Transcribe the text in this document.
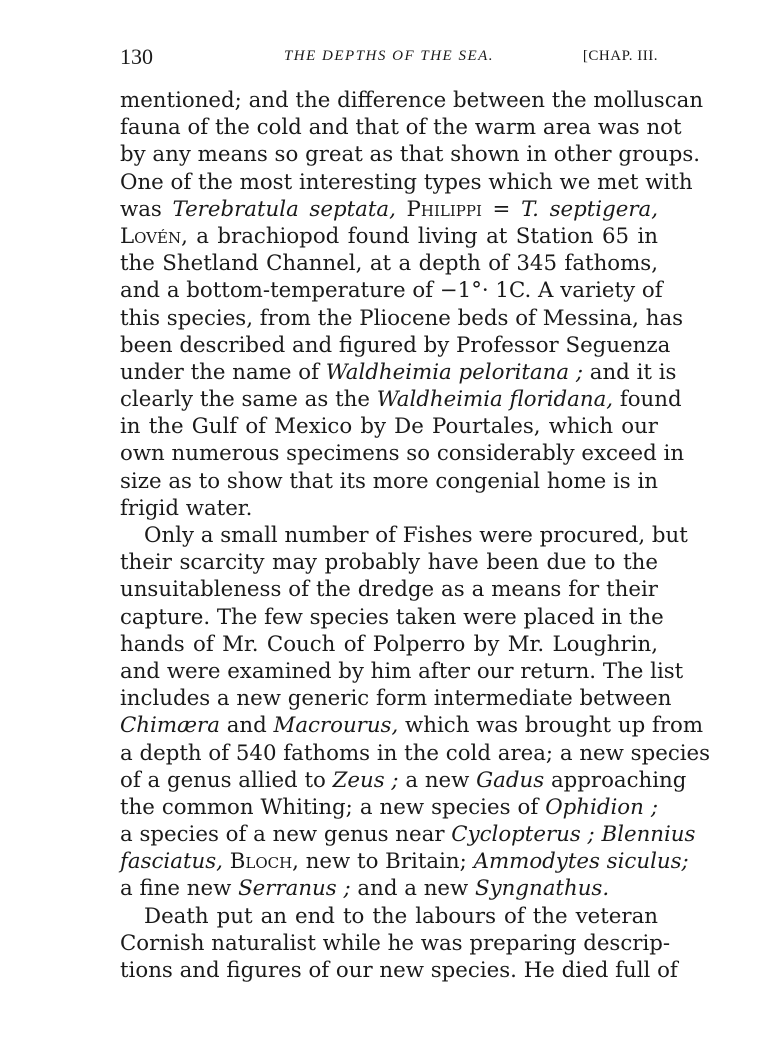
130	THE DEPTHS OF THE SEA.	[CHAP. III.
mentioned; and the difference between the molluscan
fauna of the cold and that of the warm area was not
by any means so great as that shown in other groups.
One of the most interesting types which we met with
was Terebratula septata, Philippi = T. septigera,
Lovén, a brachiopod found living at Station 65 in
the Shetland Channel, at a depth of 345 fathoms,
and a bottom-temperature of −1°· 1C. A variety of
this species, from the Pliocene beds of Messina, has
been described and figured by Professor Seguenza
under the name of Waldheimia peloritana ; and it is
clearly the same as the Waldheimia floridana, found
in the Gulf of Mexico by De Pourtales, which our
own numerous specimens so considerably exceed in
size as to show that its more congenial home is in
frigid water.
Only a small number of Fishes were procured, but
their scarcity may probably have been due to the
unsuitableness of the dredge as a means for their
capture. The few species taken were placed in the
hands of Mr. Couch of Polperro by Mr. Loughrin,
and were examined by him after our return. The list
includes a new generic form intermediate between
Chimæra and Macrourus, which was brought up from
a depth of 540 fathoms in the cold area; a new species
of a genus allied to Zeus ; a new Gadus approaching
the common Whiting; a new species of Ophidion ;
a species of a new genus near Cyclopterus ; Blennius
fasciatus, Bloch, new to Britain; Ammodytes siculus;
a fine new Serranus ; and a new Syngnathus.
Death put an end to the labours of the veteran
Cornish naturalist while he was preparing descrip-
tions and figures of our new species. He died full of
